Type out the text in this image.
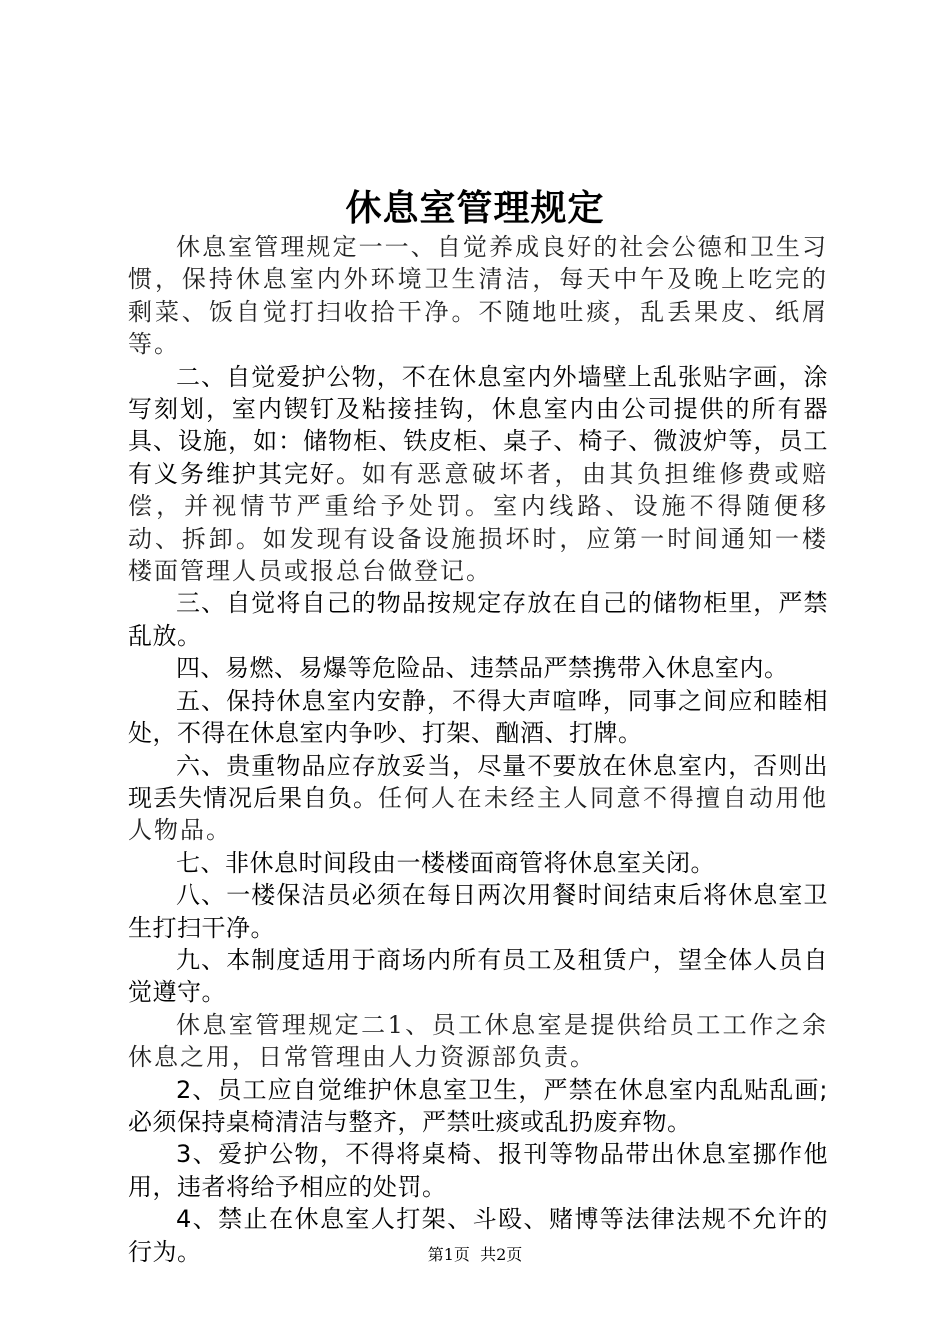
休息室管理规定

休息室管理规定一一、自觉养成良好的社会公德和卫生习惯，保持休息室内外环境卫生清洁，每天中午及晚上吃完的剩菜、饭自觉打扫收拾干净。不随地吐痰，乱丢果皮、纸屑等。

二、自觉爱护公物，不在休息室内外墙壁上乱张贴字画，涂写刻划，室内锲钉及粘接挂钩，休息室内由公司提供的所有器具、设施，如：储物柜、铁皮柜、桌子、椅子、微波炉等，员工有义务维护其完好。如有恶意破坏者，由其负担维修费或赔偿，并视情节严重给予处罚。室内线路、设施不得随便移动、拆卸。如发现有设备设施损坏时，应第一时间通知一楼楼面管理人员或报总台做登记。

三、自觉将自己的物品按规定存放在自己的储物柜里，严禁乱放。

四、易燃、易爆等危险品、违禁品严禁携带入休息室内。

五、保持休息室内安静，不得大声喧哗，同事之间应和睦相处，不得在休息室内争吵、打架、酗酒、打牌。

六、贵重物品应存放妥当，尽量不要放在休息室内，否则出现丢失情况后果自负。任何人在未经主人同意不得擅自动用他人物品。

七、非休息时间段由一楼楼面商管将休息室关闭。

八、一楼保洁员必须在每日两次用餐时间结束后将休息室卫生打扫干净。

九、本制度适用于商场内所有员工及租赁户，望全体人员自觉遵守。

休息室管理规定二1、员工休息室是提供给员工工作之余休息之用，日常管理由人力资源部负责。

2、员工应自觉维护休息室卫生，严禁在休息室内乱贴乱画;必须保持桌椅清洁与整齐，严禁吐痰或乱扔废弃物。

3、爱护公物，不得将桌椅、报刊等物品带出休息室挪作他用，违者将给予相应的处罚。

4、禁止在休息室人打架、斗殴、赌博等法律法规不允许的行为。	第1页  共2页
